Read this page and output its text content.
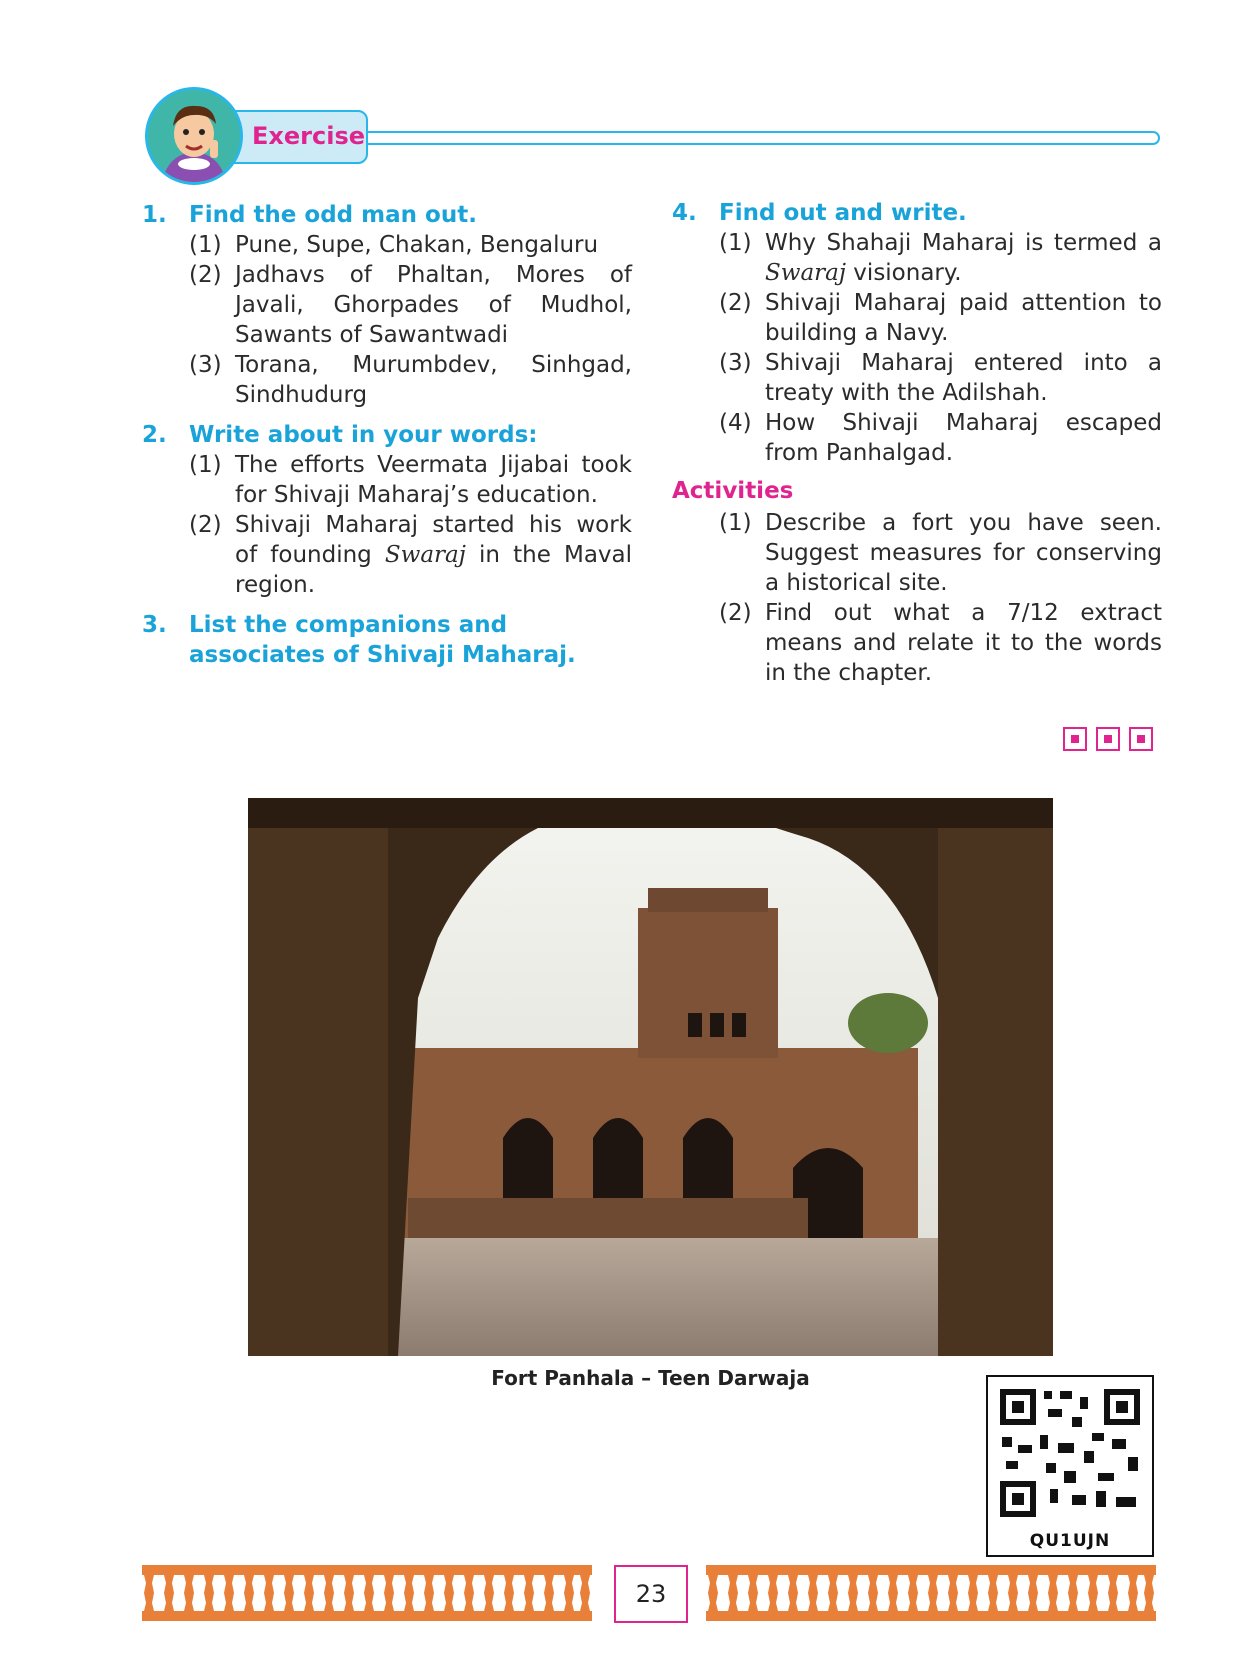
Exercise
1. Find the odd man out.
(1) Pune, Supe, Chakan, Bengaluru
(2) Jadhavs of Phaltan, Mores of Javali, Ghorpades of Mudhol, Sawants of Sawantwadi
(3) Torana, Murumbdev, Sinhgad, Sindhudurg
2. Write about in your words:
(1) The efforts Veermata Jijabai took for Shivaji Maharaj’s education.
(2) Shivaji Maharaj started his work of founding Swaraj in the Maval region.
3. List the companions and associates of Shivaji Maharaj.
4. Find out and write.
(1) Why Shahaji Maharaj is termed a Swaraj visionary.
(2) Shivaji Maharaj paid attention to building a Navy.
(3) Shivaji Maharaj entered into a treaty with the Adilshah.
(4) How Shivaji Maharaj escaped from Panhalgad.
Activities
(1) Describe a fort you have seen. Suggest measures for conserving a historical site.
(2) Find out what a 7/12 extract means and relate it to the words in the chapter.
Fort Panhala – Teen Darwaja
QU1UJN
23
